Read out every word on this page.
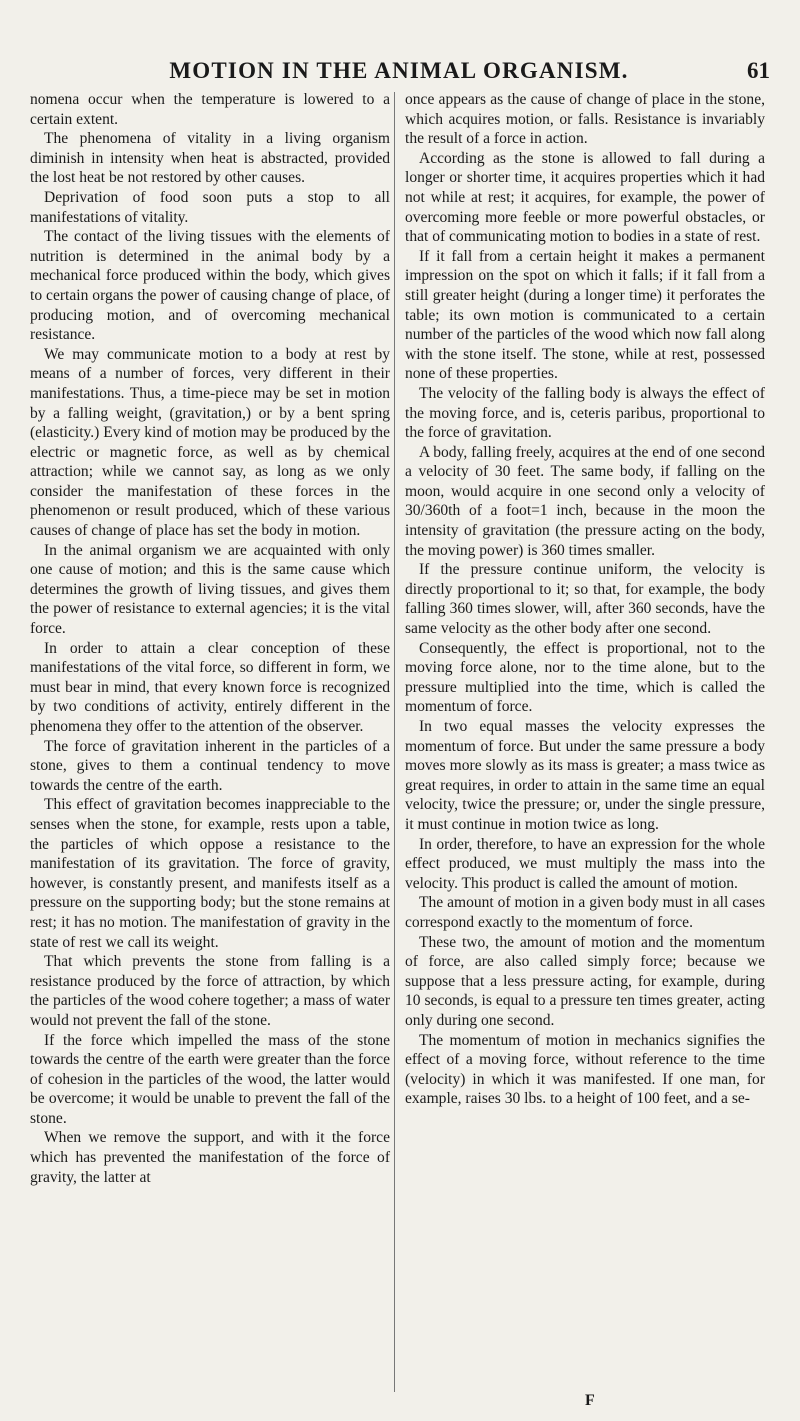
MOTION IN THE ANIMAL ORGANISM.	61

nomena occur when the temperature is lowered to a certain extent.

The phenomena of vitality in a living organism diminish in intensity when heat is abstracted, provided the lost heat be not restored by other causes.

Deprivation of food soon puts a stop to all manifestations of vitality.

The contact of the living tissues with the elements of nutrition is determined in the animal body by a mechanical force produced within the body, which gives to certain organs the power of causing change of place, of producing motion, and of overcoming mechanical resistance.

We may communicate motion to a body at rest by means of a number of forces, very different in their manifestations. Thus, a time-piece may be set in motion by a falling weight, (gravitation,) or by a bent spring (elasticity.) Every kind of motion may be produced by the electric or magnetic force, as well as by chemical attraction; while we cannot say, as long as we only consider the manifestation of these forces in the phenomenon or result produced, which of these various causes of change of place has set the body in motion.

In the animal organism we are acquainted with only one cause of motion; and this is the same cause which determines the growth of living tissues, and gives them the power of resistance to external agencies; it is the vital force.

In order to attain a clear conception of these manifestations of the vital force, so different in form, we must bear in mind, that every known force is recognized by two conditions of activity, entirely different in the phenomena they offer to the attention of the observer.

The force of gravitation inherent in the particles of a stone, gives to them a continual tendency to move towards the centre of the earth.

This effect of gravitation becomes inappreciable to the senses when the stone, for example, rests upon a table, the particles of which oppose a resistance to the manifestation of its gravitation. The force of gravity, however, is constantly present, and manifests itself as a pressure on the supporting body; but the stone remains at rest; it has no motion. The manifestation of gravity in the state of rest we call its weight.

That which prevents the stone from falling is a resistance produced by the force of attraction, by which the particles of the wood cohere together; a mass of water would not prevent the fall of the stone.

If the force which impelled the mass of the stone towards the centre of the earth were greater than the force of cohesion in the particles of the wood, the latter would be overcome; it would be unable to prevent the fall of the stone.

When we remove the support, and with it the force which has prevented the manifestation of the force of gravity, the latter at

once appears as the cause of change of place in the stone, which acquires motion, or falls. Resistance is invariably the result of a force in action.

According as the stone is allowed to fall during a longer or shorter time, it acquires properties which it had not while at rest; it acquires, for example, the power of overcoming more feeble or more powerful obstacles, or that of communicating motion to bodies in a state of rest.

If it fall from a certain height it makes a permanent impression on the spot on which it falls; if it fall from a still greater height (during a longer time) it perforates the table; its own motion is communicated to a certain number of the particles of the wood which now fall along with the stone itself. The stone, while at rest, possessed none of these properties.

The velocity of the falling body is always the effect of the moving force, and is, ceteris paribus, proportional to the force of gravitation.

A body, falling freely, acquires at the end of one second a velocity of 30 feet. The same body, if falling on the moon, would acquire in one second only a velocity of 30/360th of a foot=1 inch, because in the moon the intensity of gravitation (the pressure acting on the body, the moving power) is 360 times smaller.

If the pressure continue uniform, the velocity is directly proportional to it; so that, for example, the body falling 360 times slower, will, after 360 seconds, have the same velocity as the other body after one second.

Consequently, the effect is proportional, not to the moving force alone, nor to the time alone, but to the pressure multiplied into the time, which is called the momentum of force.

In two equal masses the velocity expresses the momentum of force. But under the same pressure a body moves more slowly as its mass is greater; a mass twice as great requires, in order to attain in the same time an equal velocity, twice the pressure; or, under the single pressure, it must continue in motion twice as long.

In order, therefore, to have an expression for the whole effect produced, we must multiply the mass into the velocity. This product is called the amount of motion.

The amount of motion in a given body must in all cases correspond exactly to the momentum of force.

These two, the amount of motion and the momentum of force, are also called simply force; because we suppose that a less pressure acting, for example, during 10 seconds, is equal to a pressure ten times greater, acting only during one second.

The momentum of motion in mechanics signifies the effect of a moving force, without reference to the time (velocity) in which it was manifested. If one man, for example, raises 30 lbs. to a height of 100 feet, and a se-

F
